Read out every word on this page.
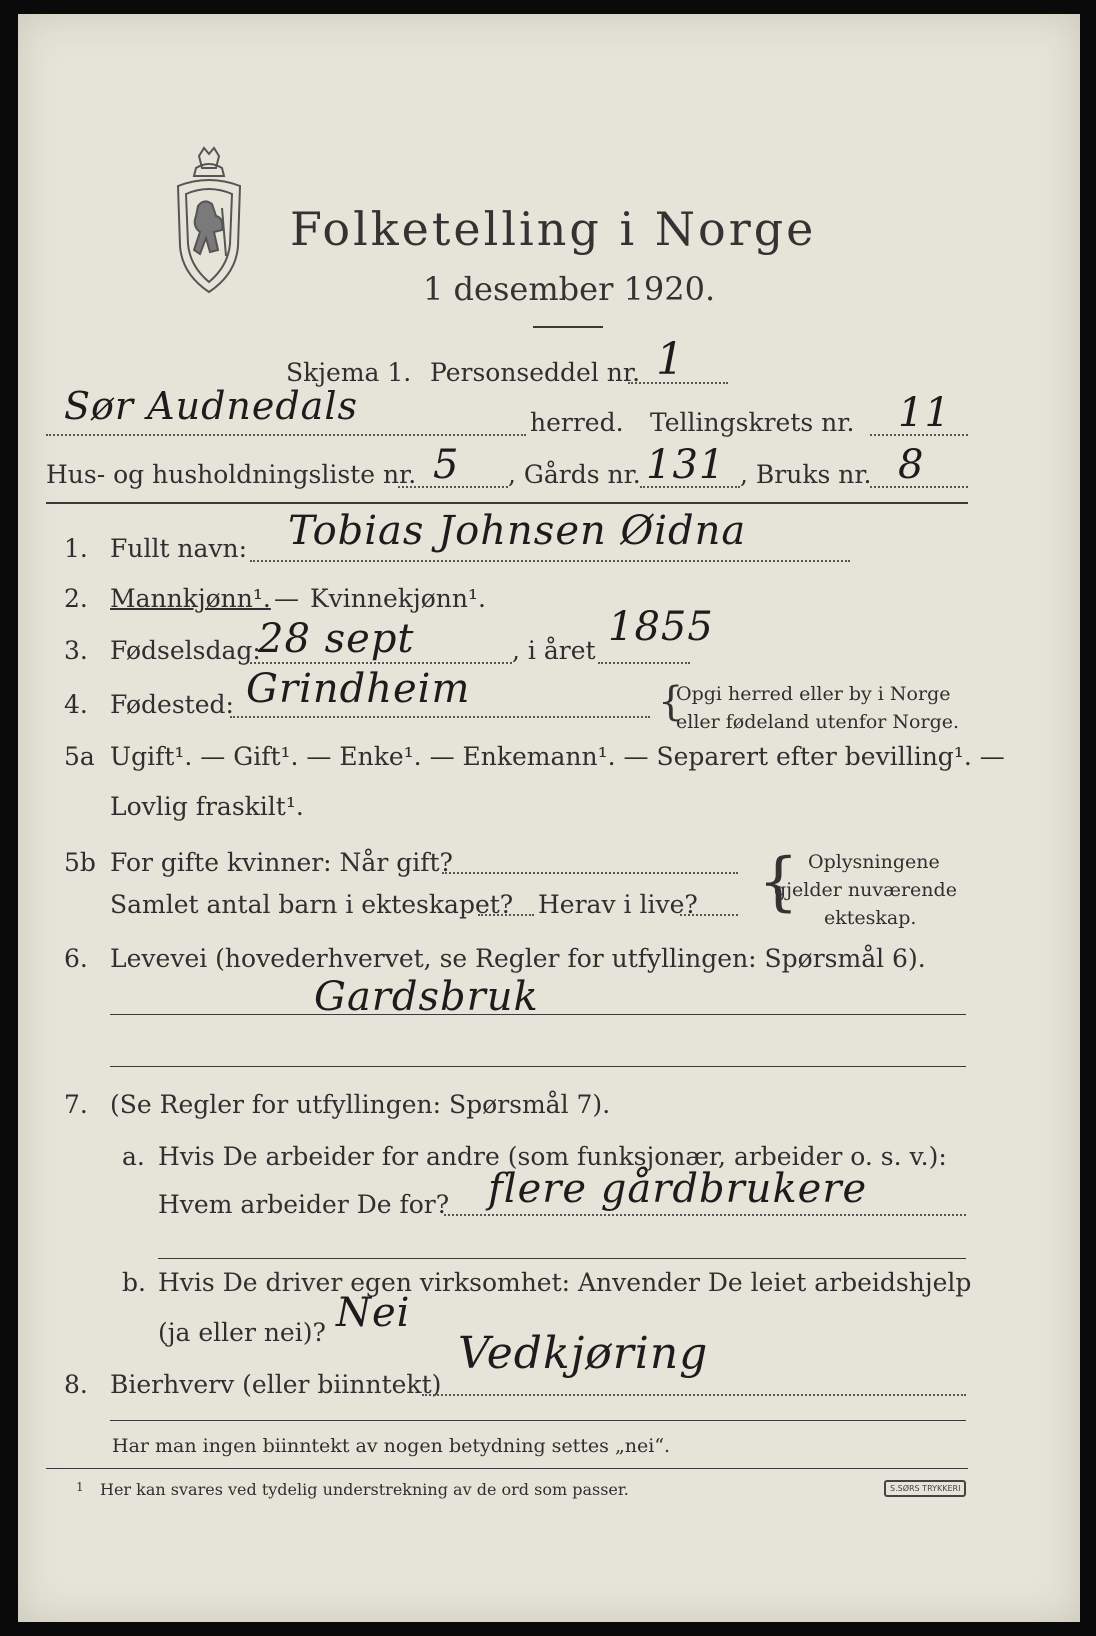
Folketelling i Norge
1 desember 1920.
Skjema 1. Personseddel nr. 1
Sør Audnedals	herred. Tellingskrets nr. 11
Hus- og husholdningsliste nr. 5 , Gårds nr. 131 , Bruks nr. 8
1. Fullt navn: Tobias Johnsen Øidna
2. Mannkjønn¹. — Kvinnekjønn¹.
3. Fødselsdag:
28 sept	, i året
1855
4. Fødested: Grindheim	{
Opgi herred eller by i Norge
eller fødeland utenfor Norge.
5a Ugift¹. — Gift¹. — Enke¹. — Enkemann¹. — Separert efter bevilling¹. —
Lovlig fraskilt¹.
5b For gifte kvinner: Når gift?
Samlet antal barn i ekteskapet? Herav i live? { Oplysningene
gjelder nuværende
ekteskap.
6. Levevei (hovederhvervet, se Regler for utfyllingen: Spørsmål 6).
Gardsbruk
7. (Se Regler for utfyllingen: Spørsmål 7).
a. Hvis De arbeider for andre (som funksjonær, arbeider o. s. v.):
Hvem arbeider De for? flere gårdbrukere
b. Hvis De driver egen virksomhet: Anvender De leiet arbeidshjelp
(ja eller nei)? Nei
8. Bierhverv (eller biinntekt)
Vedkjøring
Har man ingen biinntekt av nogen betydning settes „nei“.
1 Her kan svares ved tydelig understrekning av de ord som passer.	S.SØRS TRYKKERI
